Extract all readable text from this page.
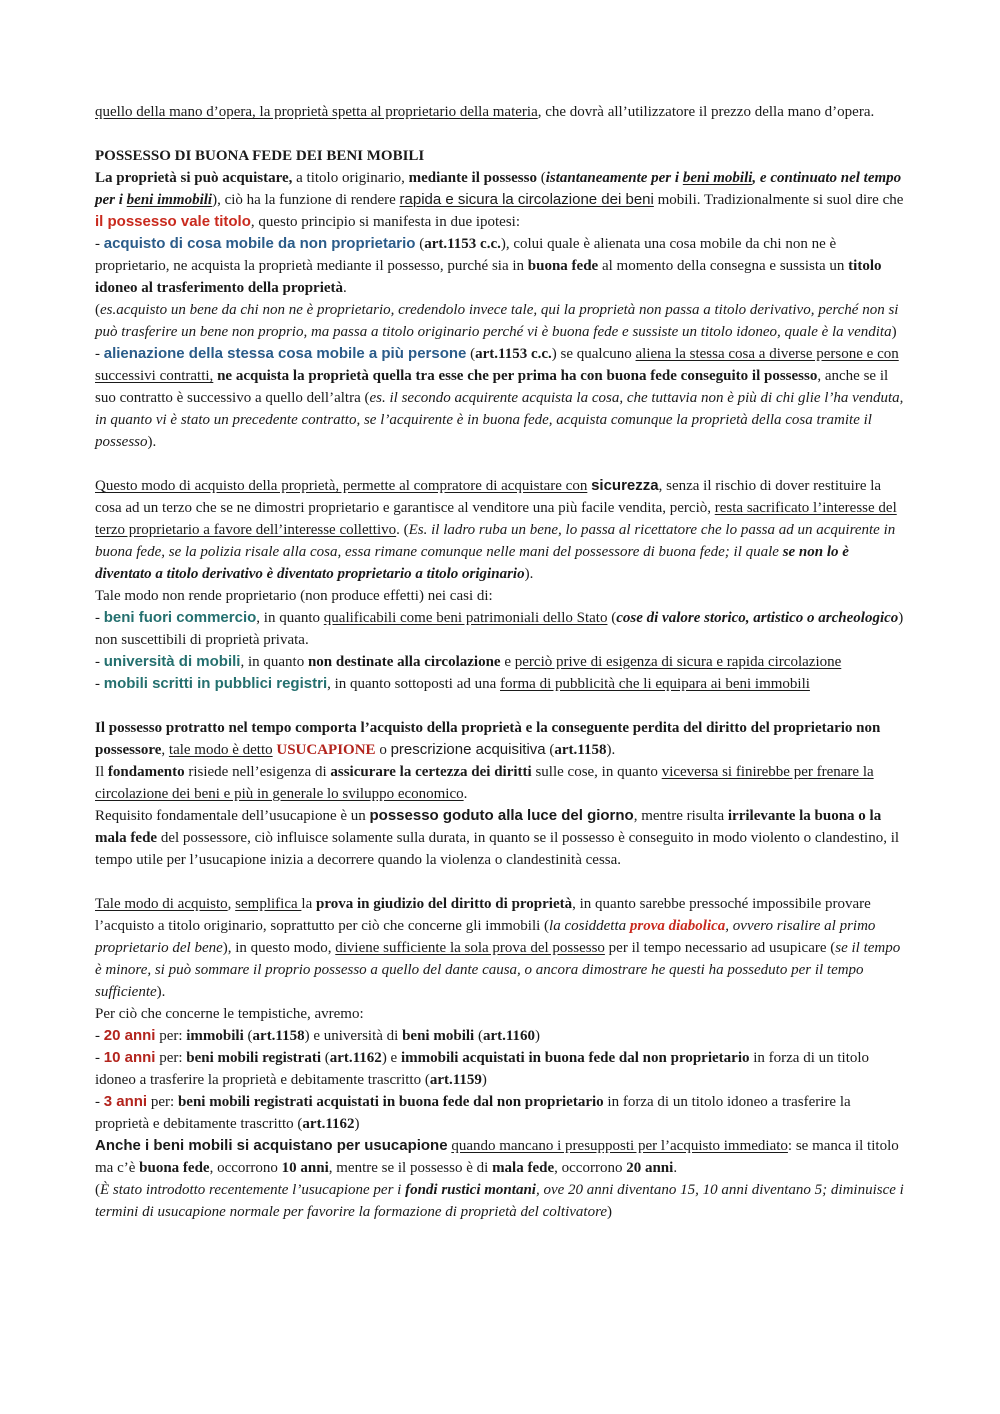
quello della mano d’opera, la proprietà spetta al proprietario della materia, che dovrà all’utilizzatore il prezzo della mano d’opera.

POSSESSO DI BUONA FEDE DEI BENI MOBILI

La proprietà si può acquistare, a titolo originario, mediante il possesso (istantaneamente per i beni mobili, e continuato nel tempo per i beni immobili), ciò ha la funzione di rendere rapida e sicura la circolazione dei beni mobili. Tradizionalmente si suol dire che il possesso vale titolo, questo principio si manifesta in due ipotesi:

- acquisto di cosa mobile da non proprietario (art.1153 c.c.), colui quale è alienata una cosa mobile da chi non ne è proprietario, ne acquista la proprietà mediante il possesso, purché sia in buona fede al momento della consegna e sussista un titolo idoneo al trasferimento della proprietà.

(es.acquisto un bene da chi non ne è proprietario, credendolo invece tale, qui la proprietà non passa a titolo derivativo, perché non si può trasferire un bene non proprio, ma passa a titolo originario perché vi è buona fede e sussiste un titolo idoneo, quale è la vendita)

- alienazione della stessa cosa mobile a più persone (art.1153 c.c.) se qualcuno aliena la stessa cosa a diverse persone e con successivi contratti, ne acquista la proprietà quella tra esse che per prima ha con buona fede conseguito il possesso, anche se il suo contratto è successivo a quello dell’altra (es. il secondo acquirente acquista la cosa, che tuttavia non è più di chi glie l’ha venduta, in quanto vi è stato un precedente contratto, se l’acquirente è in buona fede, acquista comunque la proprietà della cosa tramite il possesso).

Questo modo di acquisto della proprietà, permette al compratore di acquistare con sicurezza, senza il rischio di dover restituire la cosa ad un terzo che se ne dimostri proprietario e garantisce al venditore una più facile vendita, perciò, resta sacrificato l’interesse del terzo proprietario a favore dell’interesse collettivo. (Es. il ladro ruba un bene, lo passa al ricettatore che lo passa ad un acquirente in buona fede, se la polizia risale alla cosa, essa rimane comunque nelle mani del possessore di buona fede; il quale se non lo è diventato a titolo derivativo è diventato proprietario a titolo originario).

Tale modo non rende proprietario (non produce effetti) nei casi di:

- beni fuori commercio, in quanto qualificabili come beni patrimoniali dello Stato (cose di valore storico, artistico o archeologico) non suscettibili di proprietà privata.

- università di mobili, in quanto non destinate alla circolazione e perciò prive di esigenza di sicura e rapida circolazione

- mobili scritti in pubblici registri, in quanto sottoposti ad una forma di pubblicità che li equipara ai beni immobili

Il possesso protratto nel tempo comporta l’acquisto della proprietà e la conseguente perdita del diritto del proprietario non possessore, tale modo è detto USUCAPIONE o prescrizione acquisitiva (art.1158).

Il fondamento risiede nell’esigenza di assicurare la certezza dei diritti sulle cose, in quanto viceversa si finirebbe per frenare la circolazione dei beni e più in generale lo sviluppo economico.

Requisito fondamentale dell’usucapione è un possesso goduto alla luce del giorno, mentre risulta irrilevante la buona o la mala fede del possessore, ciò influisce solamente sulla durata, in quanto se il possesso è conseguito in modo violento o clandestino, il tempo utile per l’usucapione inizia a decorrere quando la violenza o clandestinità cessa.

Tale modo di acquisto, semplifica la prova in giudizio del diritto di proprietà, in quanto sarebbe pressoché impossibile provare l’acquisto a titolo originario, soprattutto per ciò che concerne gli immobili (la cosiddetta prova diabolica, ovvero risalire al primo proprietario del bene), in questo modo, diviene sufficiente la sola prova del possesso per il tempo necessario ad usupicare (se il tempo è minore, si può sommare il proprio possesso a quello del dante causa, o ancora dimostrare he questi ha posseduto per il tempo sufficiente).

Per ciò che concerne le tempistiche, avremo:

- 20 anni per: immobili (art.1158) e università di beni mobili (art.1160)

- 10 anni per: beni mobili registrati (art.1162) e immobili acquistati in buona fede dal non proprietario in forza di un titolo idoneo a trasferire la proprietà e debitamente trascritto (art.1159)

- 3 anni per: beni mobili registrati acquistati in buona fede dal non proprietario in forza di un titolo idoneo a trasferire la proprietà e debitamente trascritto (art.1162)

Anche i beni mobili si acquistano per usucapione quando mancano i presupposti per l’acquisto immediato: se manca il titolo ma c’è buona fede, occorrono 10 anni, mentre se il possesso è di mala fede, occorrono 20 anni.

(È stato introdotto recentemente l’usucapione per i fondi rustici montani, ove 20 anni diventano 15, 10 anni diventano 5; diminuisce i termini di usucapione normale per favorire la formazione di proprietà del coltivatore)
